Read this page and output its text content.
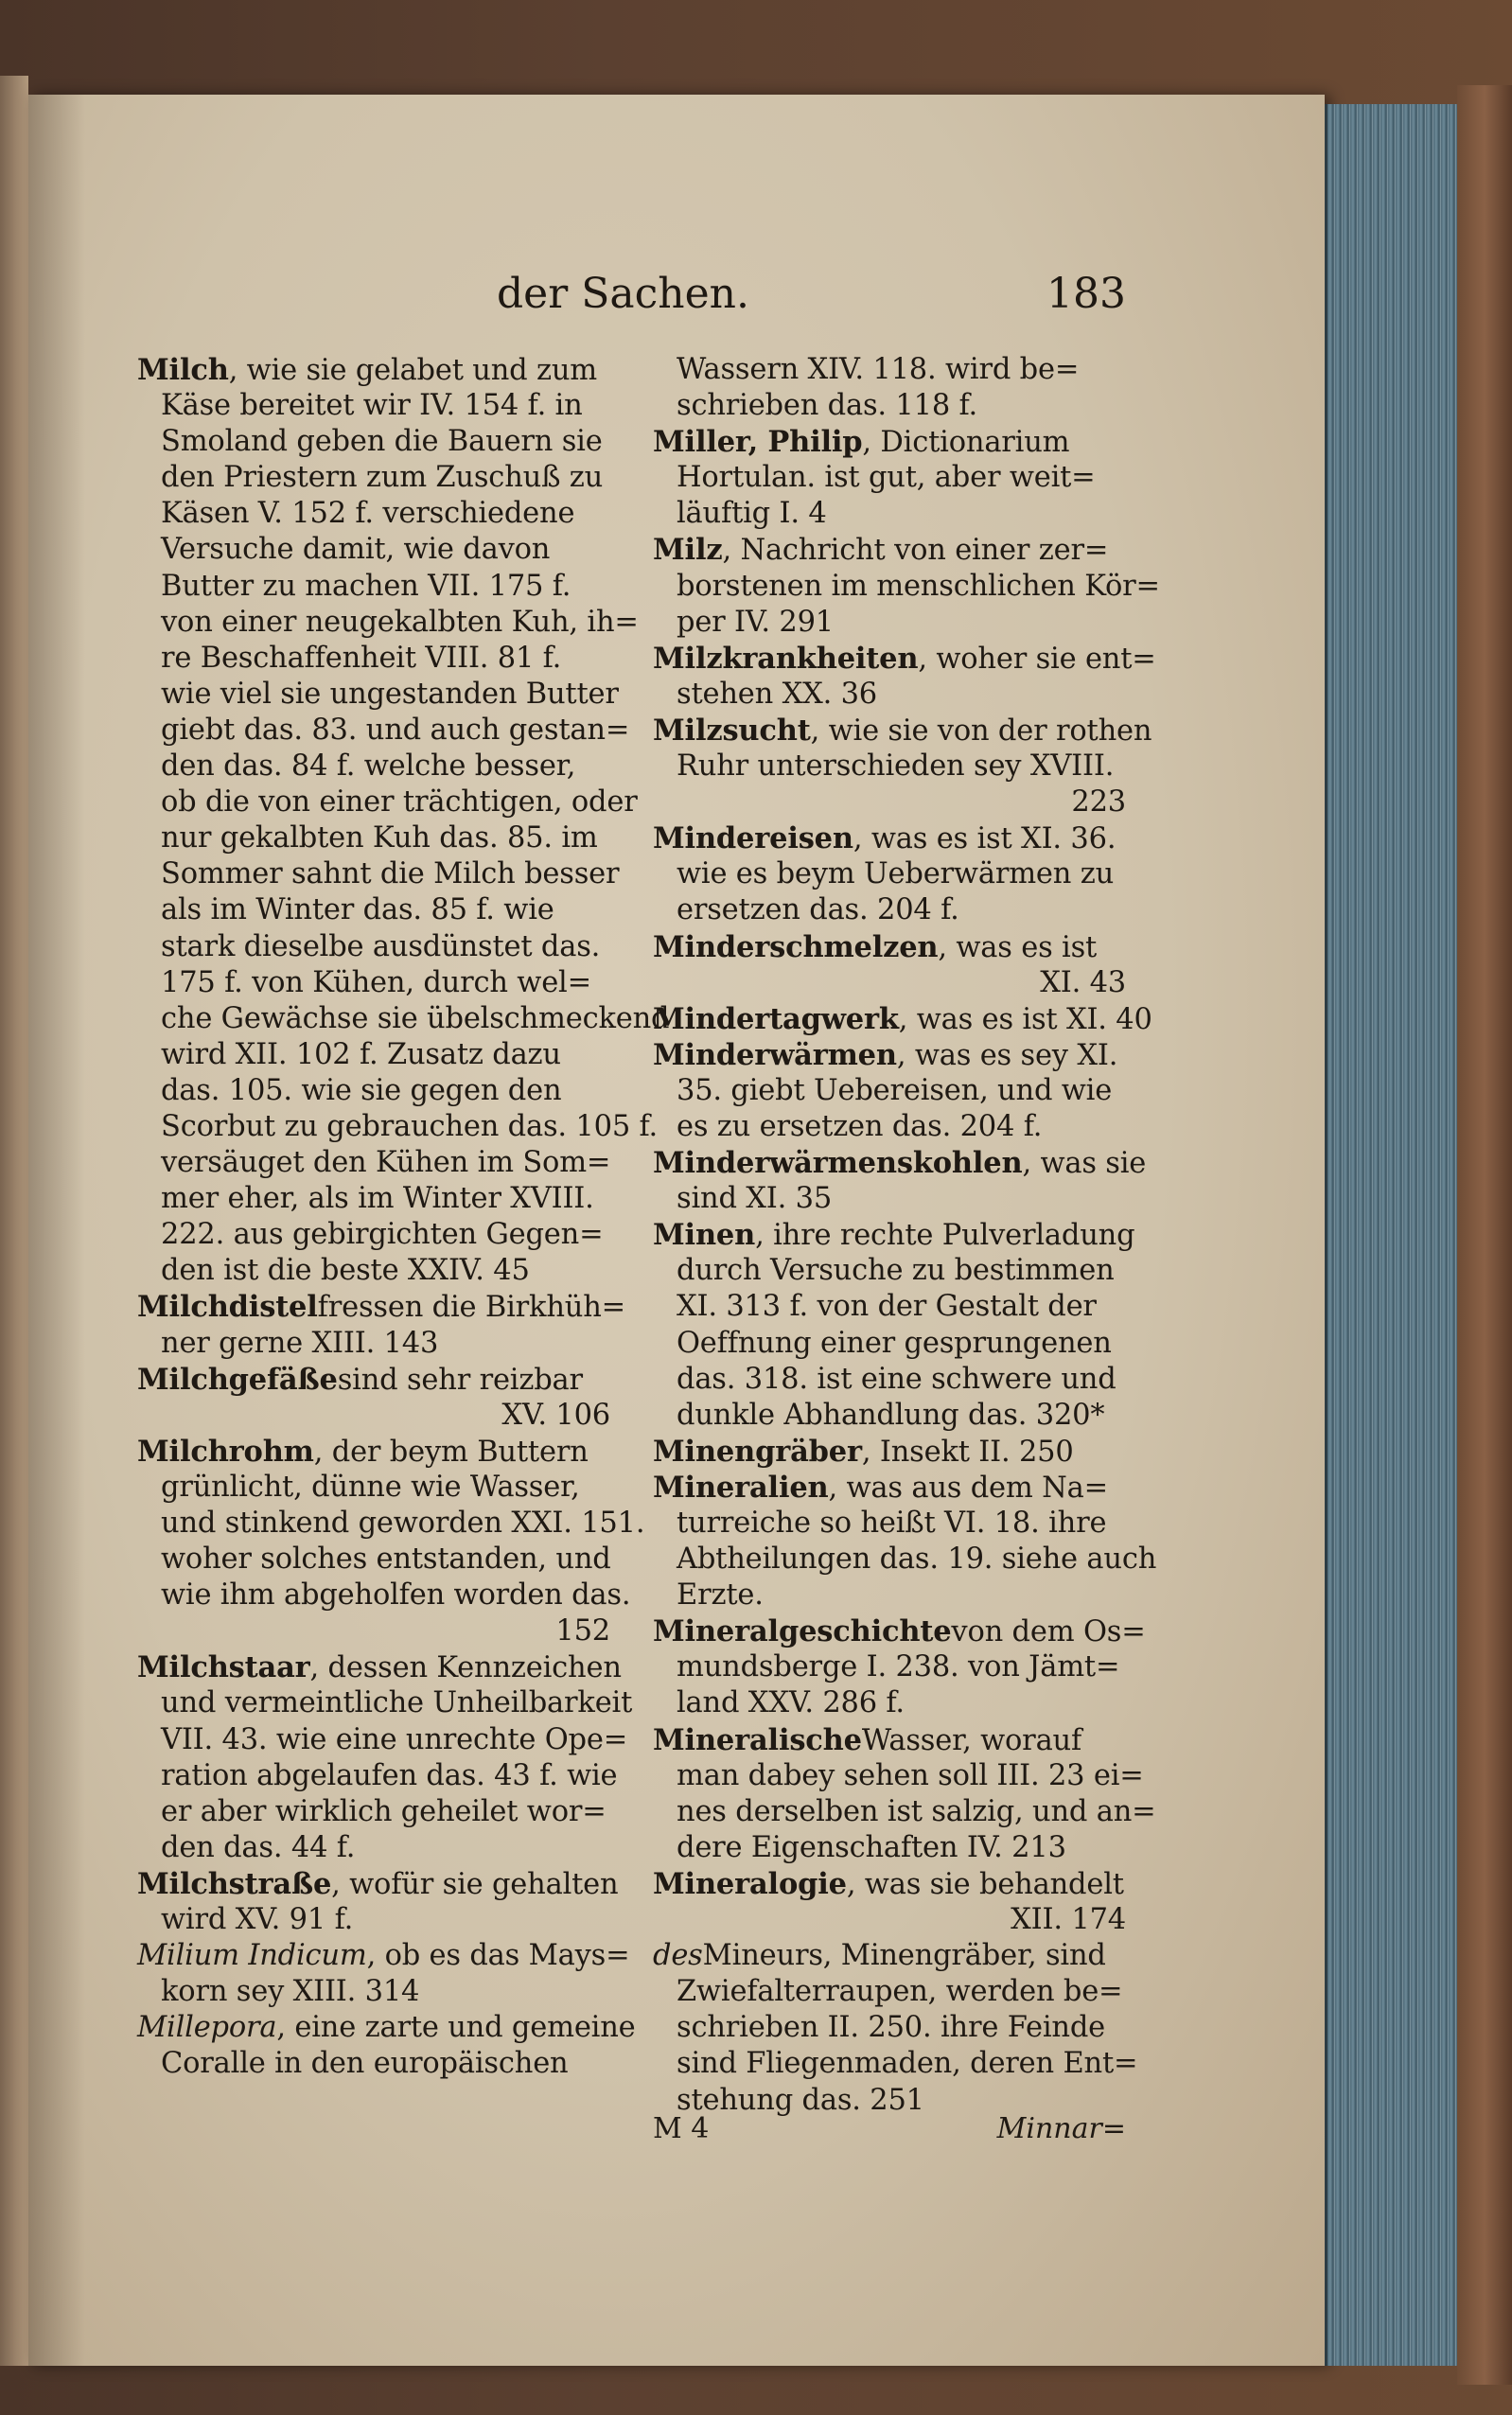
der Sachen.	183
Milch , wie sie gelabet und zum
Käse bereitet wir IV. 154 f. in
Smoland geben die Bauern sie
den Priestern zum Zuschuß zu
Käsen V. 152 f. verschiedene
Versuche damit, wie davon
Butter zu machen VII. 175 f.
von einer neugekalbten Kuh, ih=
re Beschaffenheit VIII. 81 f.
wie viel sie ungestanden Butter
giebt das. 83. und auch gestan=
den das. 84 f. welche besser,
ob die von einer trächtigen, oder
nur gekalbten Kuh das. 85. im
Sommer sahnt die Milch besser
als im Winter das. 85 f. wie
stark dieselbe ausdünstet das.
175 f. von Kühen, durch wel=
che Gewächse sie übelschmeckend
wird XII. 102 f. Zusatz dazu
das. 105. wie sie gegen den
Scorbut zu gebrauchen das. 105 f.
versäuget den Kühen im Som=
mer eher, als im Winter XVIII.
222. aus gebirgichten Gegen=
den ist die beste XXIV. 45
Milchdistel fressen die Birkhüh=
ner gerne XIII. 143
Milchgefäße sind sehr reizbar
XV. 106
Milchrohm , der beym Buttern
grünlicht, dünne wie Wasser,
und stinkend geworden XXI. 151.
woher solches entstanden, und
wie ihm abgeholfen worden das.
152
Milchstaar , dessen Kennzeichen
und vermeintliche Unheilbarkeit
VII. 43. wie eine unrechte Ope=
ration abgelaufen das. 43 f. wie
er aber wirklich geheilet wor=
den das. 44 f.
Milchstraße , wofür sie gehalten
wird XV. 91 f.
Milium Indicum , ob es das Mays=
korn sey XIII. 314
Millepora , eine zarte und gemeine
Coralle in den europäischen
Wassern XIV. 118. wird be=
schrieben das. 118 f.
Miller, Philip , Dictionarium
Hortulan. ist gut, aber weit=
läuftig I. 4
Milz , Nachricht von einer zer=
borstenen im menschlichen Kör=
per IV. 291
Milzkrankheiten , woher sie ent=
stehen XX. 36
Milzsucht , wie sie von der rothen
Ruhr unterschieden sey XVIII.
223
Mindereisen , was es ist XI. 36.
wie es beym Ueberwärmen zu
ersetzen das. 204 f.
Minderschmelzen , was es ist
XI. 43
Mindertagwerk , was es ist XI. 40
Minderwärmen , was es sey XI.
35. giebt Uebereisen, und wie
es zu ersetzen das. 204 f.
Minderwärmenskohlen , was sie
sind XI. 35
Minen , ihre rechte Pulverladung
durch Versuche zu bestimmen
XI. 313 f. von der Gestalt der
Oeffnung einer gesprungenen
das. 318. ist eine schwere und
dunkle Abhandlung das. 320*
Minengräber , Insekt II. 250
Mineralien , was aus dem Na=
turreiche so heißt VI. 18. ihre
Abtheilungen das. 19. siehe auch
Erzte.
Mineralgeschichte von dem Os=
mundsberge I. 238. von Jämt=
land XXV. 286 f.
Mineralische Wasser, worauf
man dabey sehen soll III. 23 ei=
nes derselben ist salzig, und an=
dere Eigenschaften IV. 213
Mineralogie , was sie behandelt
XII. 174
des Mineurs, Minengräber, sind
Zwiefalterraupen, werden be=
schrieben II. 250. ihre Feinde
sind Fliegenmaden, deren Ent=
stehung das. 251
M 4	Minnar=
